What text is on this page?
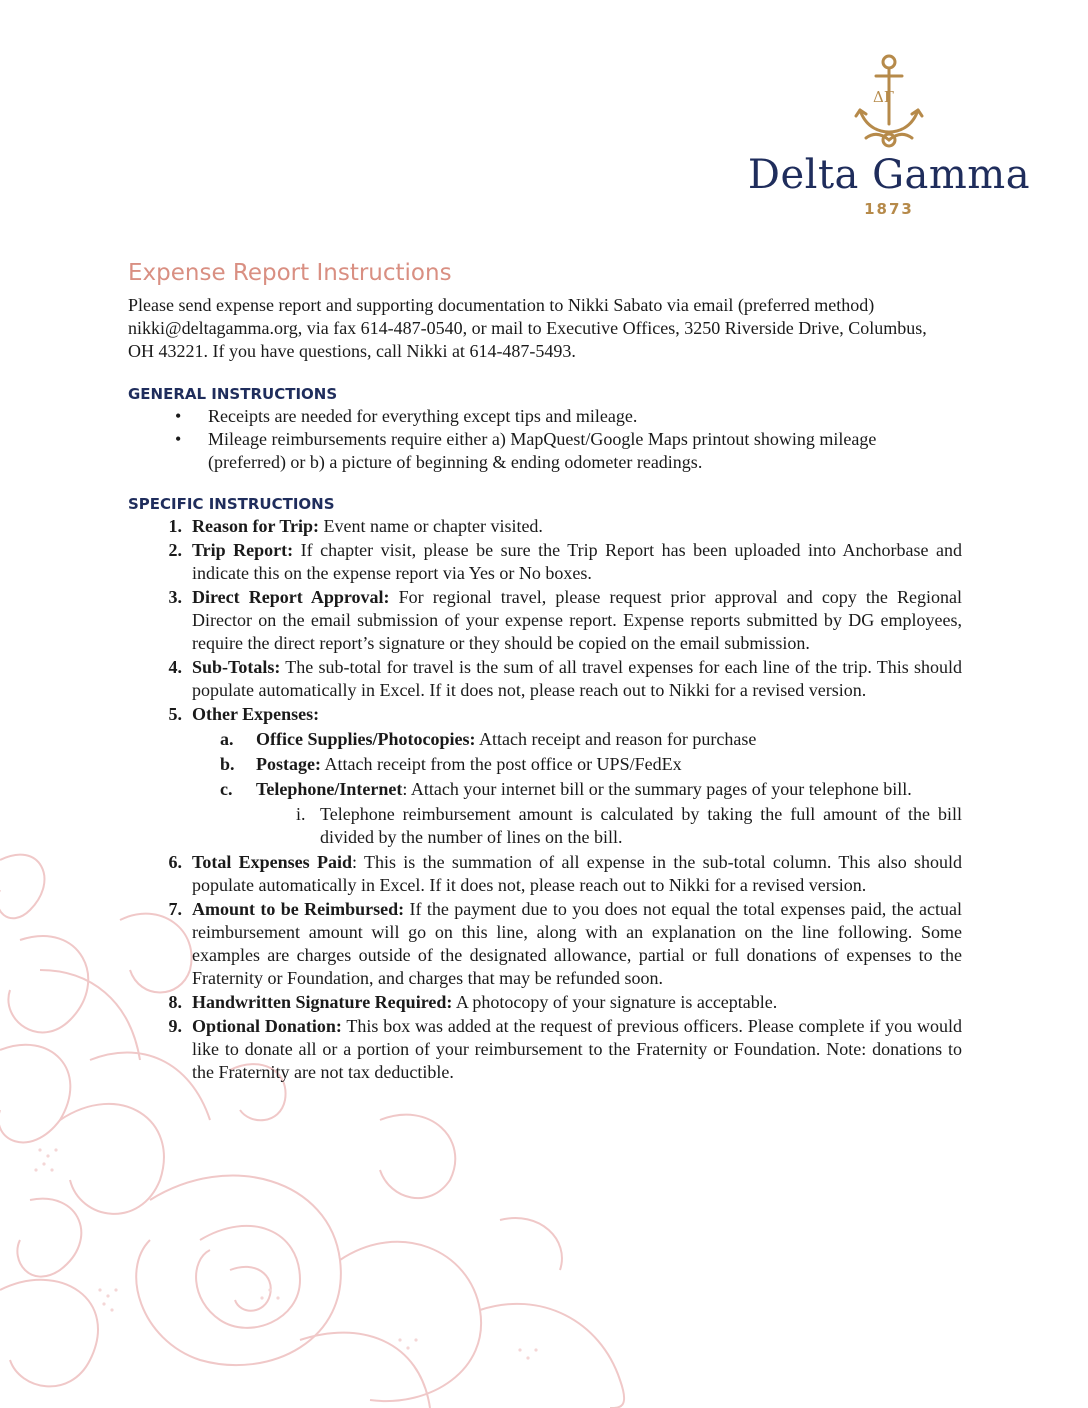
ΔΓ
Delta Gamma
1873
Expense Report Instructions

Please send expense report and supporting documentation to Nikki Sabato via email (preferred method) nikki@deltagamma.org, via fax 614-487-0540, or mail to Executive Offices, 3250 Riverside Drive, Columbus, OH 43221. If you have questions, call Nikki at 614-487-5493.

GENERAL INSTRUCTIONS
• Receipts are needed for everything except tips and mileage.
• Mileage reimbursements require either a) MapQuest/Google Maps printout showing mileage (preferred) or b) a picture of beginning & ending odometer readings.
SPECIFIC INSTRUCTIONS
1. Reason for Trip: Event name or chapter visited.
2. Trip Report: If chapter visit, please be sure the Trip Report has been uploaded into Anchorbase and indicate this on the expense report via Yes or No boxes.
3. Direct Report Approval: For regional travel, please request prior approval and copy the Regional Director on the email submission of your expense report. Expense reports submitted by DG employees, require the direct report’s signature or they should be copied on the email submission.
4. Sub-Totals: The sub-total for travel is the sum of all travel expenses for each line of the trip. This should populate automatically in Excel. If it does not, please reach out to Nikki for a revised version.
5. Other Expenses:
a. Office Supplies/Photocopies: Attach receipt and reason for purchase
b. Postage: Attach receipt from the post office or UPS/FedEx
c. Telephone/Internet: Attach your internet bill or the summary pages of your telephone bill.
i. Telephone reimbursement amount is calculated by taking the full amount of the bill divided by the number of lines on the bill.
6. Total Expenses Paid: This is the summation of all expense in the sub-total column. This also should populate automatically in Excel. If it does not, please reach out to Nikki for a revised version.
7. Amount to be Reimbursed: If the payment due to you does not equal the total expenses paid, the actual reimbursement amount will go on this line, along with an explanation on the line following. Some examples are charges outside of the designated allowance, partial or full donations of expenses to the Fraternity or Foundation, and charges that may be refunded soon.
8. Handwritten Signature Required: A photocopy of your signature is acceptable.
9. Optional Donation: This box was added at the request of previous officers. Please complete if you would like to donate all or a portion of your reimbursement to the Fraternity or Foundation. Note: donations to the Fraternity are not tax deductible.
